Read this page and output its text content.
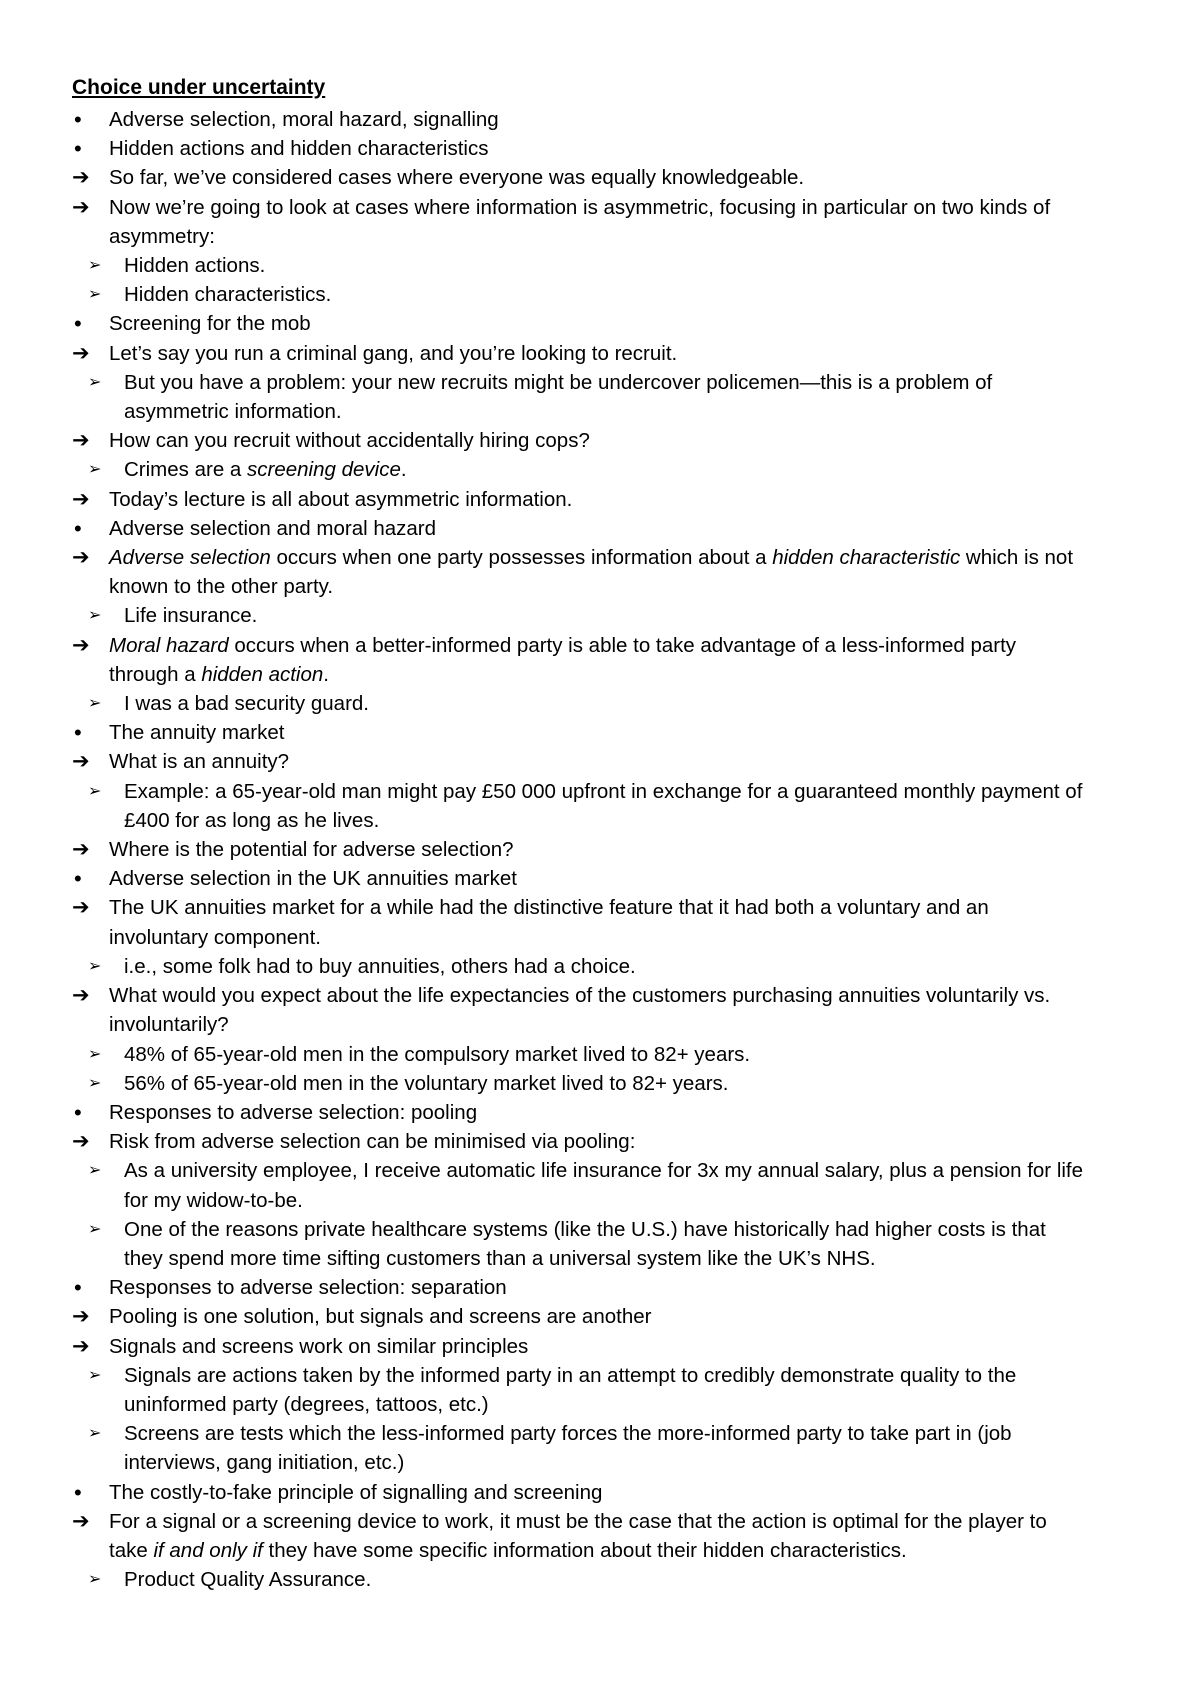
Choice under uncertainty
•	Adverse selection, moral hazard, signalling
•	Hidden actions and hidden characteristics
➔ So far, we’ve considered cases where everyone was equally knowledgeable.
➔ Now we’re going to look at cases where information is asymmetric, focusing in particular on two kinds of asymmetry:
➢	Hidden actions.
➢	Hidden characteristics.
•	Screening for the mob
➔ Let’s say you run a criminal gang, and you’re looking to recruit.
➢	But you have a problem: your new recruits might be undercover policemen—this is a problem of asymmetric information.
➔ How can you recruit without accidentally hiring cops?
➢	Crimes are a screening device.
➔ Today’s lecture is all about asymmetric information.
•	Adverse selection and moral hazard
➔ Adverse selection occurs when one party possesses information about a hidden characteristic which is not known to the other party.
➢	Life insurance.
➔ Moral hazard occurs when a better-informed party is able to take advantage of a less-informed party through a hidden action.
➢	I was a bad security guard.
•	The annuity market
➔ What is an annuity?
➢	Example: a 65-year-old man might pay £50 000 upfront in exchange for a guaranteed monthly payment of £400 for as long as he lives.
➔ Where is the potential for adverse selection?
•	Adverse selection in the UK annuities market
➔ The UK annuities market for a while had the distinctive feature that it had both a voluntary and an involuntary component.
➢	i.e., some folk had to buy annuities, others had a choice.
➔ What would you expect about the life expectancies of the customers purchasing annuities voluntarily vs. involuntarily?
➢	48% of 65-year-old men in the compulsory market lived to 82+ years.
➢	56% of 65-year-old men in the voluntary market lived to 82+ years.
•	Responses to adverse selection: pooling
➔ Risk from adverse selection can be minimised via pooling:
➢	As a university employee, I receive automatic life insurance for 3x my annual salary, plus a pension for life for my widow-to-be.
➢	One of the reasons private healthcare systems (like the U.S.) have historically had higher costs is that they spend more time sifting customers than a universal system like the UK’s NHS.
•	Responses to adverse selection: separation
➔ Pooling is one solution, but signals and screens are another
➔ Signals and screens work on similar principles
➢	Signals are actions taken by the informed party in an attempt to credibly demonstrate quality to the uninformed party (degrees, tattoos, etc.)
➢	Screens are tests which the less-informed party forces the more-informed party to take part in (job interviews, gang initiation, etc.)
•	The costly-to-fake principle of signalling and screening
➔ For a signal or a screening device to work, it must be the case that the action is optimal for the player to take if and only if they have some specific information about their hidden characteristics.
➢	Product Quality Assurance.
